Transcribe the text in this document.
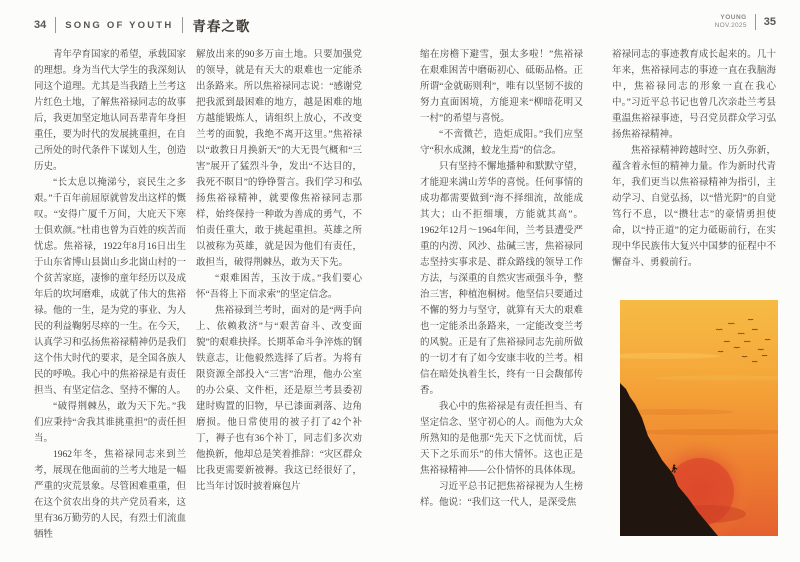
34 SONG OF YOUTH 青春之歌
YOUNG
NOV.2025 35

青年孕育国家的希望，承载国家的理想。身为当代大学生的我深刻认同这个道理。尤其是当我踏上兰考这片红色土地，了解焦裕禄同志的故事后，我更加坚定地认同吾辈青年身担重任，要为时代的发展挑重担，在自己所处的时代条件下谋划人生，创造历史。

“长太息以掩涕兮，哀民生之多艰。”千百年前屈原就曾发出这样的慨叹。“安得广厦千万间，大庇天下寒士俱欢颜。”杜甫也曾为百姓的疾苦而忧虑。焦裕禄，1922年8月16日出生于山东省博山县崮山乡北崮山村的一个贫苦家庭，凄惨的童年经历以及成年后的坎坷磨难，成就了伟大的焦裕禄。他的一生，是为党的事业、为人民的利益鞠躬尽瘁的一生。在今天，认真学习和弘扬焦裕禄精神仍是我们这个伟大时代的要求，是全国各族人民的呼唤。我心中的焦裕禄是有责任担当、有坚定信念、坚持不懈的人。

“破得荆棘丛，敢为天下先。”我们应秉持“舍我其谁挑重担”的责任担当。

1962年冬，焦裕禄同志来到兰考，展现在他面前的兰考大地是一幅严重的灾荒景象。尽管困难重重，但在这个贫农出身的共产党员看来，这里有36万勤劳的人民，有烈士们流血牺牲

解放出来的90多万亩土地。只要加强党的领导，就是有天大的艰难也一定能杀出条路来。所以焦裕禄同志说：“感谢党把我派到最困难的地方，越是困难的地方越能锻炼人，请组织上放心，不改变兰考的面貌，我绝不离开这里。”焦裕禄以“敢教日月换新天”的大无畏气概和“三害”展开了猛烈斗争，发出“不达目的，我死不瞑目”的铮铮誓言。我们学习和弘扬焦裕禄精神，就要像焦裕禄同志那样，始终保持一种敢为善成的勇气，不怕责任重大，敢于挑起重担。英雄之所以被称为英雄，就是因为他们有责任，敢担当，破得荆棘丛，敢为天下先。

“艰难困苦，玉汝于成。”我们要心怀“吾将上下而求索”的坚定信念。

焦裕禄到兰考时，面对的是“两手向上、依赖救济”与“艰苦奋斗、改变面貌”的艰难抉择。长期革命斗争淬炼的钢铁意志，让他毅然选择了后者。为将有限资源全部投入“三害”治理，他办公室的办公桌、文件柜，还是原兰考县委初建时购置的旧物，早已漆面剥落、边角磨损。他日常使用的被子打了42个补丁，褥子也有36个补丁，同志们多次劝他换新，他却总是笑着推辞：“灾区群众比我更需要新被褥。我这已经很好了，比当年讨饭时披着麻包片

缩在房檐下避雪，强太多啦！”焦裕禄在艰难困苦中磨砺初心、砥砺品格。正所谓“金就砺则利”，唯有以坚韧不拔的努力直面困境，方能迎来“柳暗花明又一村”的希望与喜悦。

“不啻微芒，造炬成阳。”我们应坚守“积水成渊，蛟龙生焉”的信念。

只有坚持不懈地播种和默默守望，才能迎来满山芳华的喜悦。任何事情的成功都需要做到“海不择细流，故能成其大；山不拒细壤，方能就其高”。1962年12月～1964年间，兰考县遭受严重的内涝、风沙、盐碱三害，焦裕禄同志坚持实事求是、群众路线的领导工作方法，与深重的自然灾害顽强斗争，整治三害，种植泡桐树。他坚信只要通过不懈的努力与坚守，就算有天大的艰难也一定能杀出条路来，一定能改变兰考的风貌。正是有了焦裕禄同志先前所做的一切才有了如今安康丰收的兰考。相信在暗处执着生长，终有一日会馥郁传香。

我心中的焦裕禄是有责任担当、有坚定信念、坚守初心的人。而他为大众所熟知的是他那“先天下之忧而忧，后天下之乐而乐”的伟大情怀。这也正是焦裕禄精神——公仆情怀的具体体现。

习近平总书记把焦裕禄视为人生榜样。他说：“我们这一代人，是深受焦

裕禄同志的事迹教育成长起来的。几十年来，焦裕禄同志的事迹一直在我脑海中，焦裕禄同志的形象一直在我心中。”习近平总书记也曾几次亲赴兰考县重温焦裕禄事迹，号召党员群众学习弘扬焦裕禄精神。

焦裕禄精神跨越时空、历久弥新，蕴含着永恒的精神力量。作为新时代青年，我们更当以焦裕禄精神为指引，主动学习、自觉弘扬，以“惜光阴”的自觉笃行不息，以“攒壮志”的豪情勇担使命，以“持正道”的定力砥砺前行，在实现中华民族伟大复兴中国梦的征程中不懈奋斗、勇毅前行。
